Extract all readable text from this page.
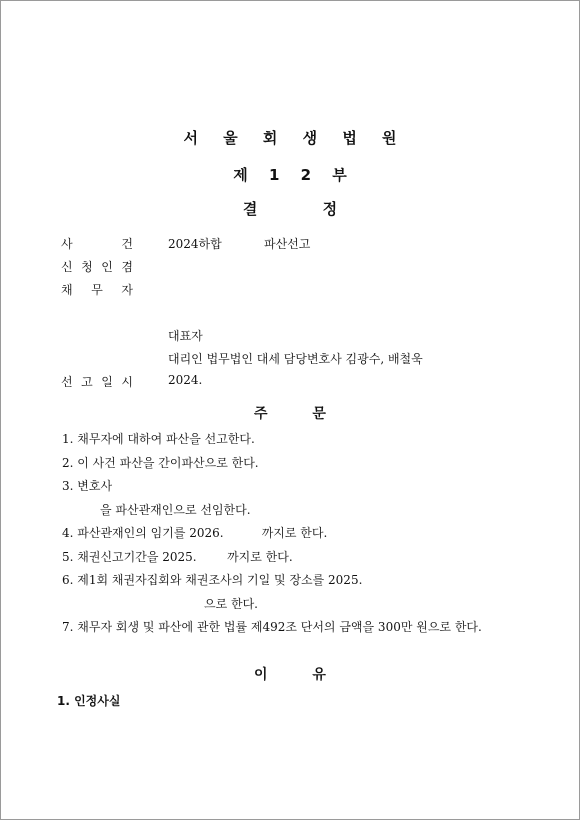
서 울 회 생 법 원
제 1 2 부
결 정
사	건	2024하합	파산선고
신 청 인 겸
채 무 자
대표자
대리인 법무법인 대세 담당변호사 김광수, 배철욱
선 고 일 시	2024.
주 문
1. 채무자에 대하여 파산을 선고한다.
2. 이 사건 파산을 간이파산으로 한다.
3. 변호사
을 파산관재인으로 선임한다.
4. 파산관재인의 임기를 2026.          까지로 한다.
5. 채권신고기간을 2025.        까지로 한다.
6. 제1회 채권자집회와 채권조사의 기일 및 장소를 2025.
으로 한다.
7. 채무자 회생 및 파산에 관한 법률 제492조 단서의 금액을 300만 원으로 한다.
이 유
1. 인정사실
